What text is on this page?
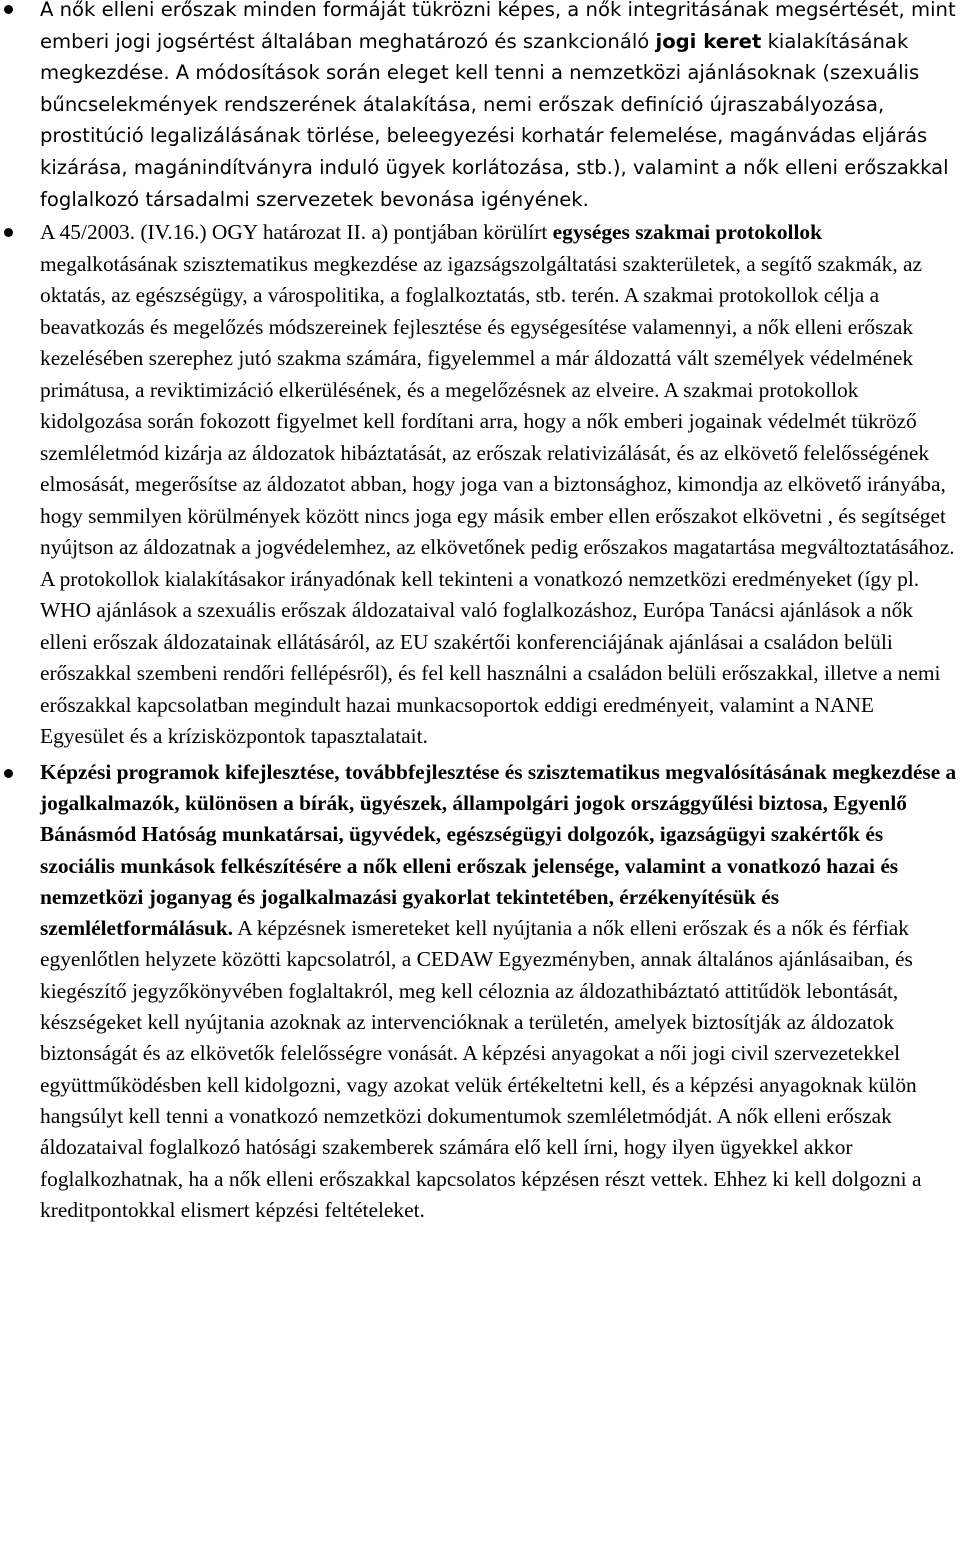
A nők elleni erőszak minden formáját tükrözni képes, a nők integritásának megsértését, mint emberi jogi jogsértést általában meghatározó és szankcionáló jogi keret kialakításának megkezdése. A módosítások során eleget kell tenni a nemzetközi ajánlásoknak (szexuális bűncselekmények rendszerének átalakítása, nemi erőszak definíció újraszabályozása, prostitúció legalizálásának törlése, beleegyezési korhatár felemelése, magánvádas eljárás kizárása, magánindítványra induló ügyek korlátozása, stb.), valamint a nők elleni erőszakkal foglalkozó társadalmi szervezetek bevonása igényének.
A 45/2003. (IV.16.) OGY határozat II. a) pontjában körülírt egységes szakmai protokollok megalkotásának szisztematikus megkezdése az igazságszolgáltatási szakterületek, a segítő szakmák, az oktatás, az egészségügy, a várospolitika, a foglalkoztatás, stb. terén. A szakmai protokollok célja a beavatkozás és megelőzés módszereinek fejlesztése és egységesítése valamennyi, a nők elleni erőszak kezelésében szerephez jutó szakma számára, figyelemmel a már áldozattá vált személyek védelmének primátusa, a reviktimizáció elkerülésének, és a megelőzésnek az elveire. A szakmai protokollok kidolgozása során fokozott figyelmet kell fordítani arra, hogy a nők emberi jogainak védelmét tükröző szemléletmód kizárja az áldozatok hibáztatását, az erőszak relativizálását, és az elkövető felelősségének elmosását, megerősítse az áldozatot abban, hogy joga van a biztonsághoz, kimondja az elkövető irányába, hogy semmilyen körülmények között nincs joga egy másik ember ellen erőszakot elkövetni , és segítséget nyújtson az áldozatnak a jogvédelemhez, az elkövetőnek pedig erőszakos magatartása megváltoztatásához. A protokollok kialakításakor irányadónak kell tekinteni a vonatkozó nemzetközi eredményeket (így pl. WHO ajánlások a szexuális erőszak áldozataival való foglalkozáshoz, Európa Tanácsi ajánlások a nők elleni erőszak áldozatainak ellátásáról, az EU szakértői konferenciájának ajánlásai a családon belüli erőszakkal szembeni rendőri fellépésről), és fel kell használni a családon belüli erőszakkal, illetve a nemi erőszakkal kapcsolatban megindult hazai munkacsoportok eddigi eredményeit, valamint a NANE Egyesület és a krízisközpontok tapasztalatait.
Képzési programok kifejlesztése, továbbfejlesztése és szisztematikus megvalósításának megkezdése a jogalkalmazók, különösen a bírák, ügyészek, állampolgári jogok országgyűlési biztosa, Egyenlő Bánásmód Hatóság munkatársai, ügyvédek, egészségügyi dolgozók, igazságügyi szakértők és szociális munkások felkészítésére a nők elleni erőszak jelensége, valamint a vonatkozó hazai és nemzetközi joganyag és jogalkalmazási gyakorlat tekintetében, érzékenyítésük és szemléletformálásuk. A képzésnek ismereteket kell nyújtania a nők elleni erőszak és a nők és férfiak egyenlőtlen helyzete közötti kapcsolatról, a CEDAW Egyezményben, annak általános ajánlásaiban, és kiegészítő jegyzőkönyvében foglaltakról, meg kell céloznia az áldozathibáztató attitűdök lebontását, készségeket kell nyújtania azoknak az intervencióknak a területén, amelyek biztosítják az áldozatok biztonságát és az elkövetők felelősségre vonását. A képzési anyagokat a női jogi civil szervezetekkel együttműködésben kell kidolgozni, vagy azokat velük értékeltetni kell, és a képzési anyagoknak külön hangsúlyt kell tenni a vonatkozó nemzetközi dokumentumok szemléletmódját. A nők elleni erőszak áldozataival foglalkozó hatósági szakemberek számára elő kell írni, hogy ilyen ügyekkel akkor foglalkozhatnak, ha a nők elleni erőszakkal kapcsolatos képzésen részt vettek. Ehhez ki kell dolgozni a kreditpontokkal elismert képzési feltételeket.
